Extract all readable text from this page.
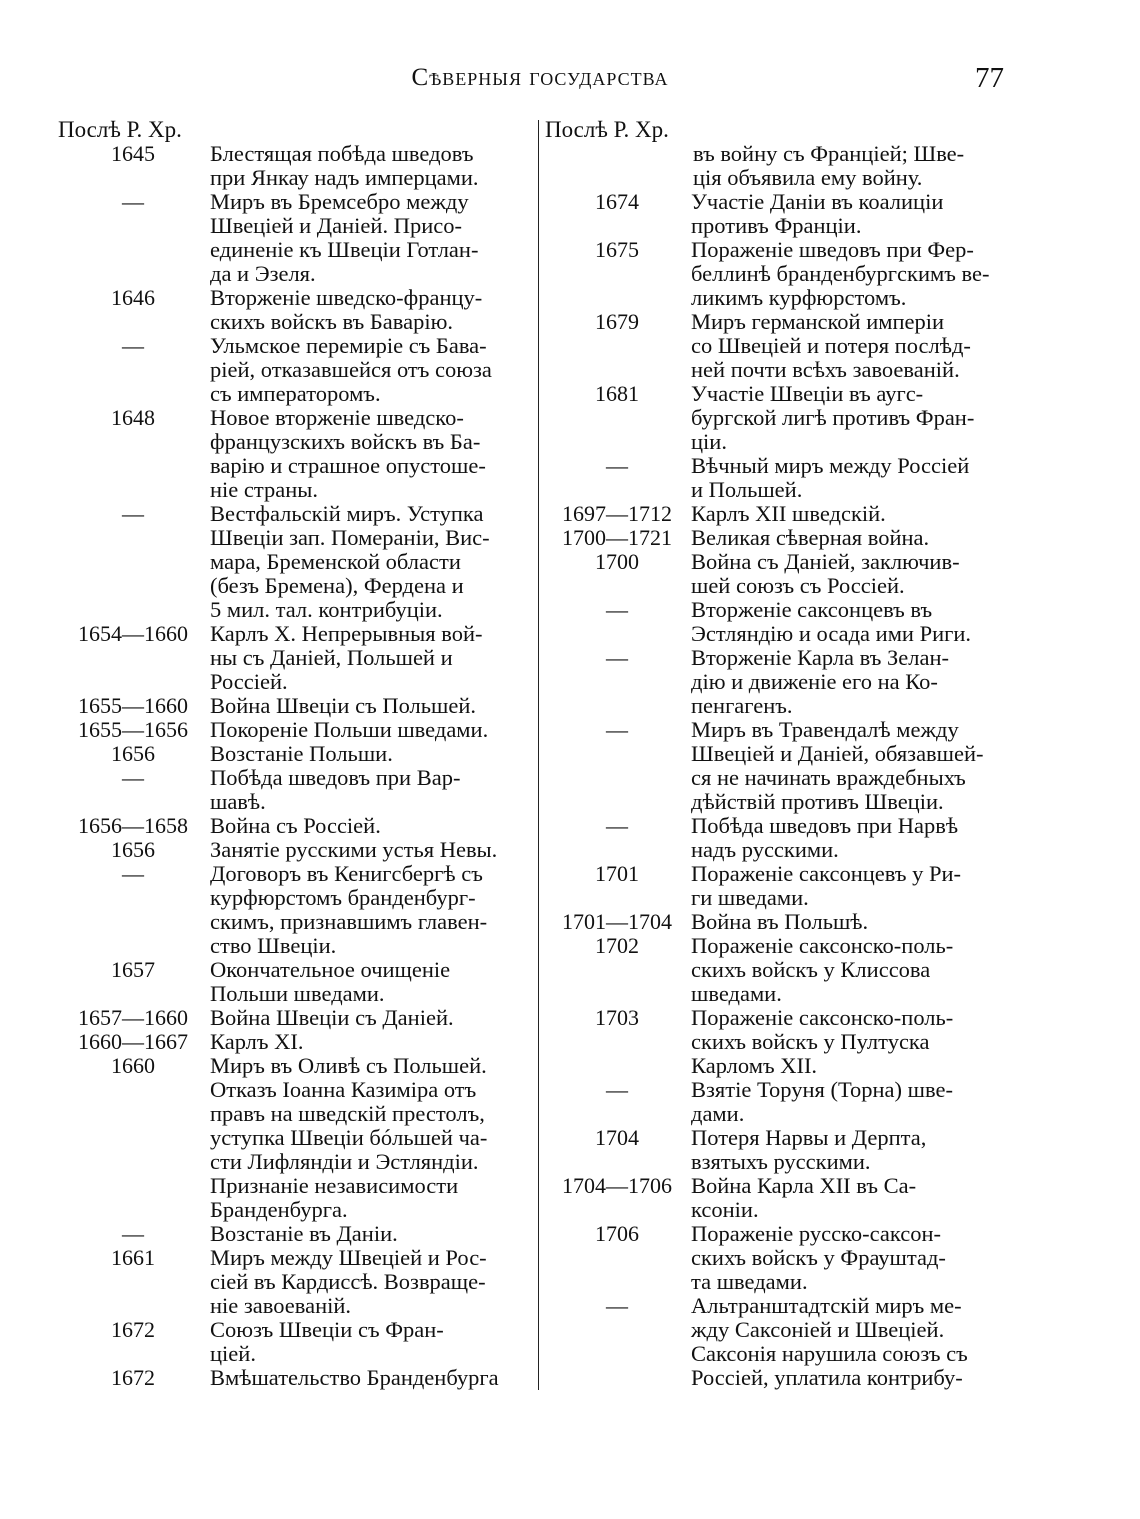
Сѣверныя государства	77
Послѣ Р. Хр.
1645	Блестящая побѣда шведовъ
при Янкау надъ имперцами.
—	Миръ въ Бремсебро между
Швеціей и Даніей. Присо-
единеніе къ Швеціи Готлан-
да и Эзеля.
1646	Вторженіе шведско-францу-
скихъ войскъ въ Баварію.
—	Ульмское перемиріе съ Бава-
ріей, отказавшейся отъ союза
съ императоромъ.
1648	Новое вторженіе шведско-
французскихъ войскъ въ Ба-
варію и страшное опустоше-
ніе страны.
—	Вестфальскій миръ. Уступка
Швеціи зап. Помераніи, Вис-
мара, Бременской области
(безъ Бремена), Фердена и
5 мил. тал. контрибуціи.
1654—1660 Карлъ X. Непрерывныя вой-
ны съ Даніей, Польшей и
Россіей.
1655—1660 Война Швеціи съ Польшей.
1655—1656 Покореніе Польши шведами.
1656	Возстаніе Польши.
—	Побѣда шведовъ при Вар-
шавѣ.
1656—1658 Война съ Россіей.
1656	Занятіе русскими устья Невы.
—	Договоръ въ Кенигсбергѣ съ
курфюрстомъ бранденбург-
скимъ, признавшимъ главен-
ство Швеціи.
1657	Окончательное очищеніе
Польши шведами.
1657—1660 Война Швеціи съ Даніей.
1660—1667 Карлъ XI.
1660	Миръ въ Оливѣ съ Польшей.
Отказъ Іоанна Казиміра отъ
правъ на шведскій престолъ,
уступка Швеціи бóльшей ча-
сти Лифляндіи и Эстляндіи.
Признаніе независимости
Бранденбурга.
—	Возстаніе въ Даніи.
1661	Миръ между Швеціей и Рос-
сіей въ Кардиссѣ. Возвраще-
ніе завоеваній.
1672	Союзъ Швеціи съ Фран-
ціей.
1672	Вмѣшательство Бранденбурга
Послѣ Р. Хр.
въ войну съ Франціей; Шве-
ція объявила ему войну.
1674	Участіе Даніи въ коалиціи
противъ Франціи.
1675	Пораженіе шведовъ при Фер-
беллинѣ бранденбургскимъ ве-
ликимъ курфюрстомъ.
1679	Миръ германской имперіи
со Швеціей и потеря послѣд-
ней почти всѣхъ завоеваній.
1681	Участіе Швеціи въ аугс-
бургской лигѣ противъ Фран-
ціи.
—	Вѣчный миръ между Россіей
и Польшей.
1697—1712 Карлъ XII шведскій.
1700—1721 Великая сѣверная война.
1700	Война съ Даніей, заключив-
шей союзъ съ Россіей.
—	Вторженіе саксонцевъ въ
Эстляндію и осада ими Риги.
—	Вторженіе Карла въ Зелан-
дію и движеніе его на Ко-
пенгагенъ.
—	Миръ въ Травендалѣ между
Швеціей и Даніей, обязавшей-
ся не начинать враждебныхъ
дѣйствій противъ Швеціи.
—	Побѣда шведовъ при Нарвѣ
надъ русскими.
1701	Пораженіе саксонцевъ у Ри-
ги шведами.
1701—1704 Война въ Польшѣ.
1702	Пораженіе саксонско-поль-
скихъ войскъ у Клиссова
шведами.
1703	Пораженіе саксонско-поль-
скихъ войскъ у Пултуска
Карломъ XII.
—	Взятіе Торуня (Торна) шве-
дами.
1704	Потеря Нарвы и Дерпта,
взятыхъ русскими.
1704—1706 Война Карла XII въ Са-
ксоніи.
1706	Пораженіе русско-саксон-
скихъ войскъ у Фрауштад-
та шведами.
—	Альтранштадтскій миръ ме-
жду Саксоніей и Швеціей.
Саксонія нарушила союзъ съ
Россіей, уплатила контрибу-
